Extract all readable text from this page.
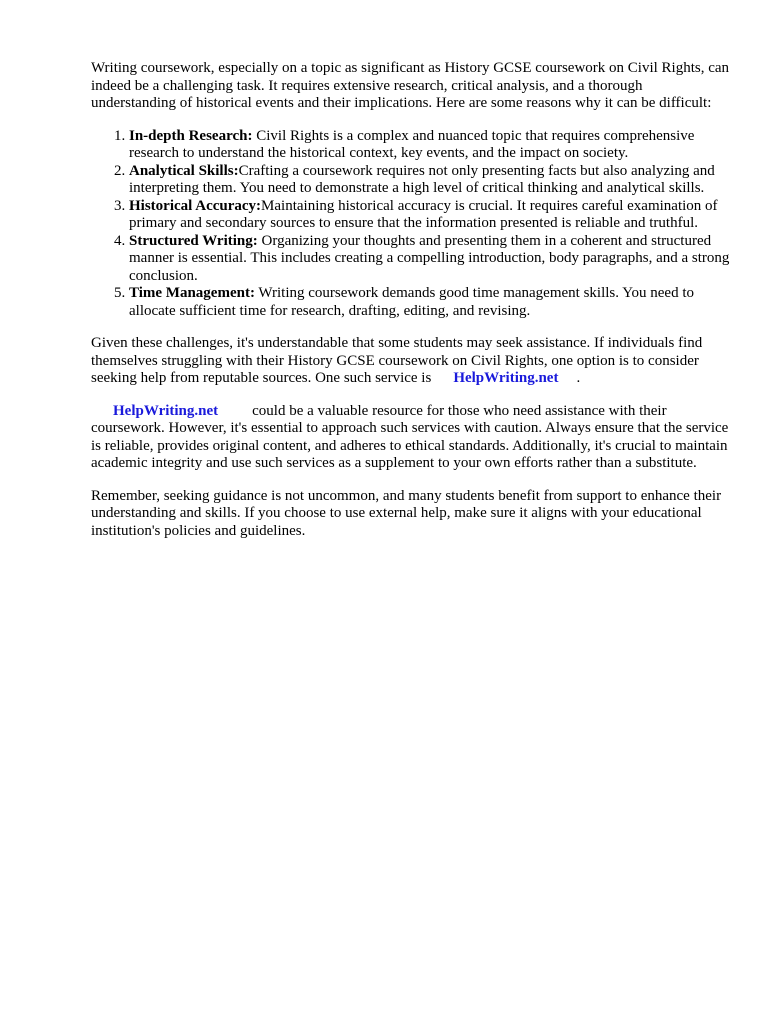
Writing coursework, especially on a topic as significant as History GCSE coursework on Civil Rights, can indeed be a challenging task. It requires extensive research, critical analysis, and a thorough understanding of historical events and their implications. Here are some reasons why it can be difficult:

1. In-depth Research: Civil Rights is a complex and nuanced topic that requires comprehensive research to understand the historical context, key events, and the impact on society.
2. Analytical Skills:Crafting a coursework requires not only presenting facts but also analyzing and interpreting them. You need to demonstrate a high level of critical thinking and analytical skills.
3. Historical Accuracy:Maintaining historical accuracy is crucial. It requires careful examination of primary and secondary sources to ensure that the information presented is reliable and truthful.
4. Structured Writing: Organizing your thoughts and presenting them in a coherent and structured manner is essential. This includes creating a compelling introduction, body paragraphs, and a strong conclusion.
5. Time Management: Writing coursework demands good time management skills. You need to allocate sufficient time for research, drafting, editing, and revising.

Given these challenges, it's understandable that some students may seek assistance. If individuals find themselves struggling with their History GCSE coursework on Civil Rights, one option is to consider seeking help from reputable sources. One such service is HelpWriting.net .

HelpWriting.net could be a valuable resource for those who need assistance with their coursework. However, it's essential to approach such services with caution. Always ensure that the service is reliable, provides original content, and adheres to ethical standards. Additionally, it's crucial to maintain academic integrity and use such services as a supplement to your own efforts rather than a substitute.

Remember, seeking guidance is not uncommon, and many students benefit from support to enhance their understanding and skills. If you choose to use external help, make sure it aligns with your educational institution's policies and guidelines.
